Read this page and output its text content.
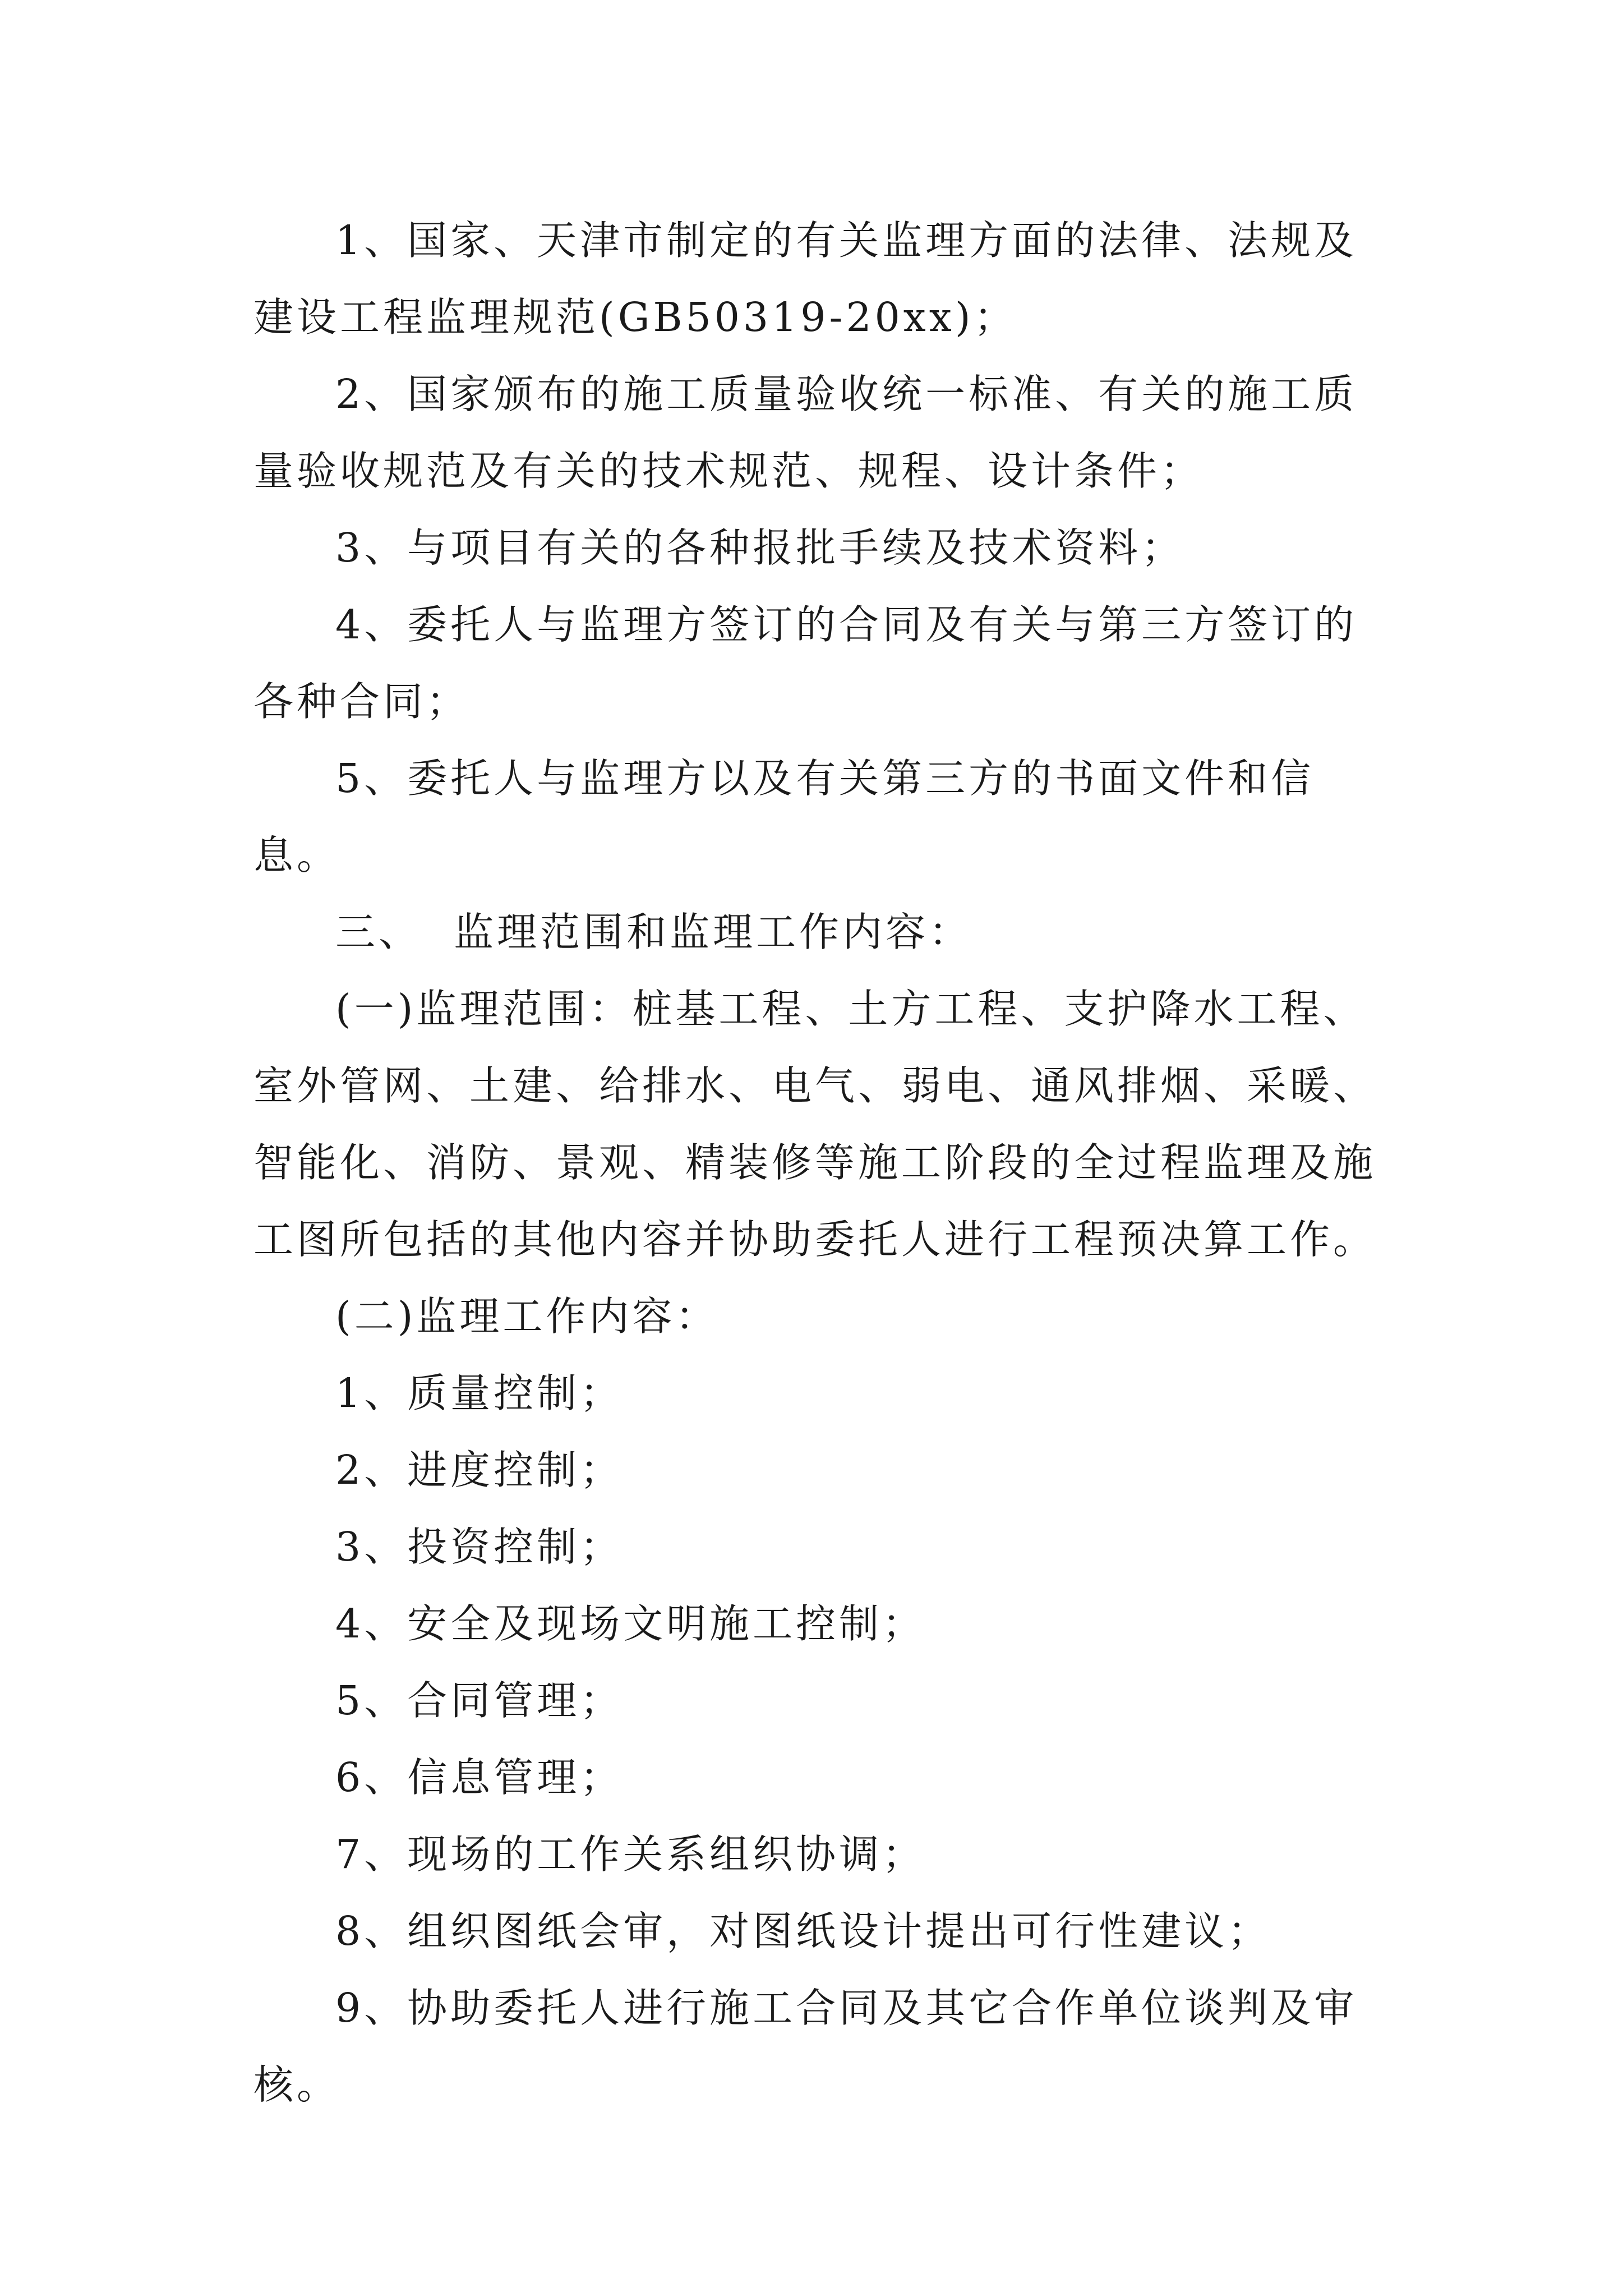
1、国家、天津市制定的有关监理方面的法律、法规及建设工程监理规范(GB50319-20xx)；

2、国家颁布的施工质量验收统一标准、有关的施工质量验收规范及有关的技术规范、规程、设计条件；

3、与项目有关的各种报批手续及技术资料；

4、委托人与监理方签订的合同及有关与第三方签订的各种合同；

5、委托人与监理方以及有关第三方的书面文件和信息。

三、  监理范围和监理工作内容：

(一)监理范围：桩基工程、土方工程、支护降水工程、室外管网、土建、给排水、电气、弱电、通风排烟、采暖、智能化、消防、景观、精装修等施工阶段的全过程监理及施工图所包括的其他内容并协助委托人进行工程预决算工作。

(二)监理工作内容：

1、质量控制；

2、进度控制；

3、投资控制；

4、安全及现场文明施工控制；

5、合同管理；

6、信息管理；

7、现场的工作关系组织协调；

8、组织图纸会审，对图纸设计提出可行性建议；

9、协助委托人进行施工合同及其它合作单位谈判及审核。
